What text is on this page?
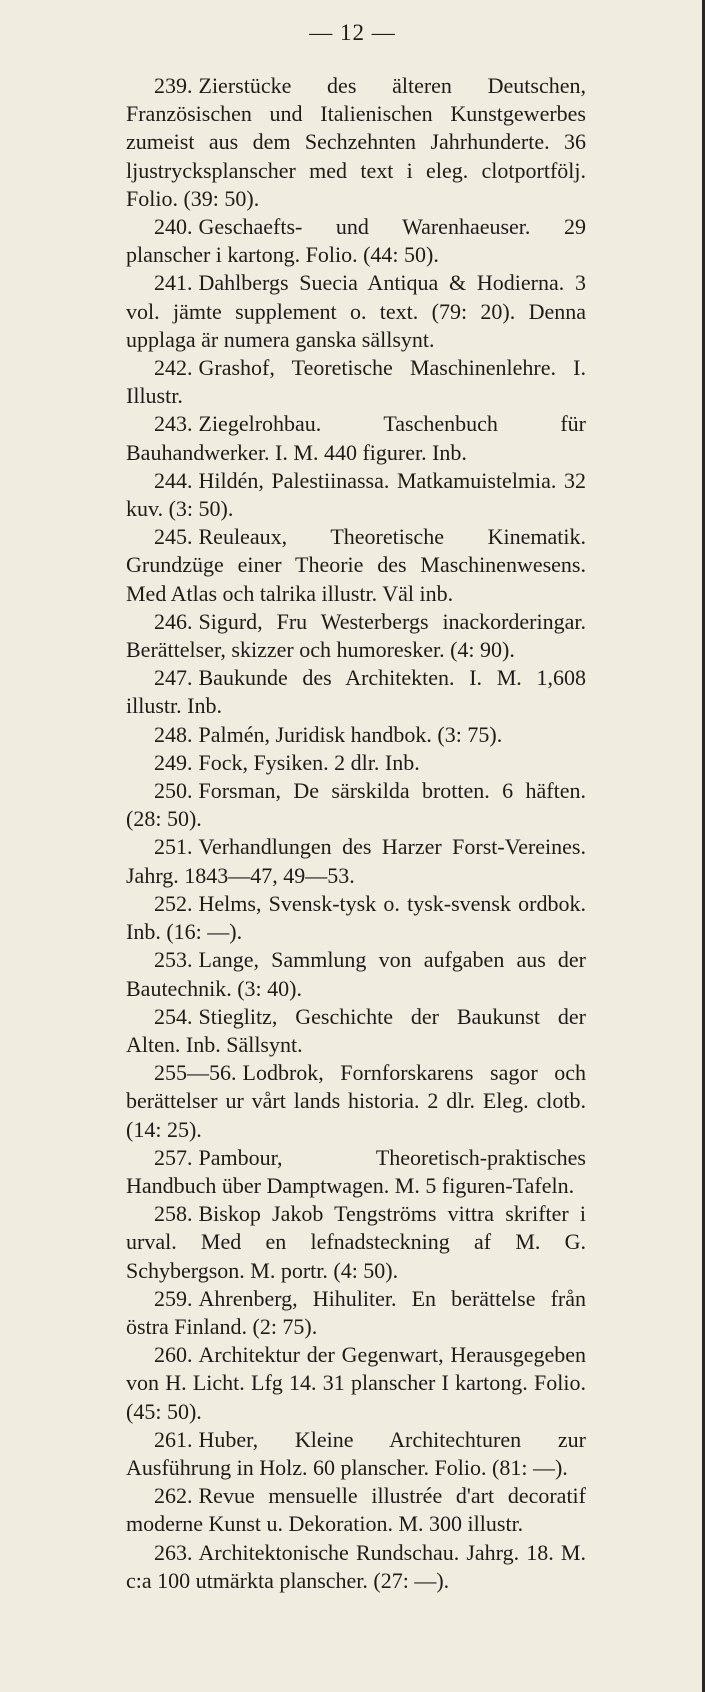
— 12 —

239. Zierstücke des älteren Deutschen, Französischen und Italienischen Kunstgewerbes zumeist aus dem Sechzehnten Jahrhunderte. 36 ljustrycksplanscher med text i eleg. clotportfölj. Folio. (39: 50).

240. Geschaefts- und Warenhaeuser. 29 planscher i kartong. Folio. (44: 50).

241. Dahlbergs Suecia Antiqua & Hodierna. 3 vol. jämte supplement o. text. (79: 20). Denna upplaga är numera ganska sällsynt.

242. Grashof, Teoretische Maschinenlehre. I. Illustr.

243. Ziegelrohbau. Taschenbuch für Bauhandwerker. I. M. 440 figurer. Inb.

244. Hildén, Palestiinassa. Matkamuistelmia. 32 kuv. (3: 50).

245. Reuleaux, Theoretische Kinematik. Grundzüge einer Theorie des Maschinenwesens. Med Atlas och talrika illustr. Väl inb.

246. Sigurd, Fru Westerbergs inackorderingar. Berättelser, skizzer och humoresker. (4: 90).

247. Baukunde des Architekten. I. M. 1,608 illustr. Inb.

248. Palmén, Juridisk handbok. (3: 75).

249. Fock, Fysiken. 2 dlr. Inb.

250. Forsman, De särskilda brotten. 6 häften. (28: 50).

251. Verhandlungen des Harzer Forst-Vereines. Jahrg. 1843—47, 49—53.

252. Helms, Svensk-tysk o. tysk-svensk ordbok. Inb. (16: —).

253. Lange, Sammlung von aufgaben aus der Bautechnik. (3: 40).

254. Stieglitz, Geschichte der Baukunst der Alten. Inb. Sällsynt.

255—56. Lodbrok, Fornforskarens sagor och berättelser ur vårt lands historia. 2 dlr. Eleg. clotb. (14: 25).

257. Pambour, Theoretisch-praktisches Handbuch über Damptwagen. M. 5 figuren-Tafeln.

258. Biskop Jakob Tengströms vittra skrifter i urval. Med en lefnadsteckning af M. G. Schybergson. M. portr. (4: 50).

259. Ahrenberg, Hihuliter. En berättelse från östra Finland. (2: 75).

260. Architektur der Gegenwart, Herausgegeben von H. Licht. Lfg 14. 31 planscher I kartong. Folio. (45: 50).

261. Huber, Kleine Architechturen zur Ausführung in Holz. 60 planscher. Folio. (81: —).

262. Revue mensuelle illustrée d'art decoratif moderne Kunst u. Dekoration. M. 300 illustr.

263. Architektonische Rundschau. Jahrg. 18. M. c:a 100 utmärkta planscher. (27: —).
